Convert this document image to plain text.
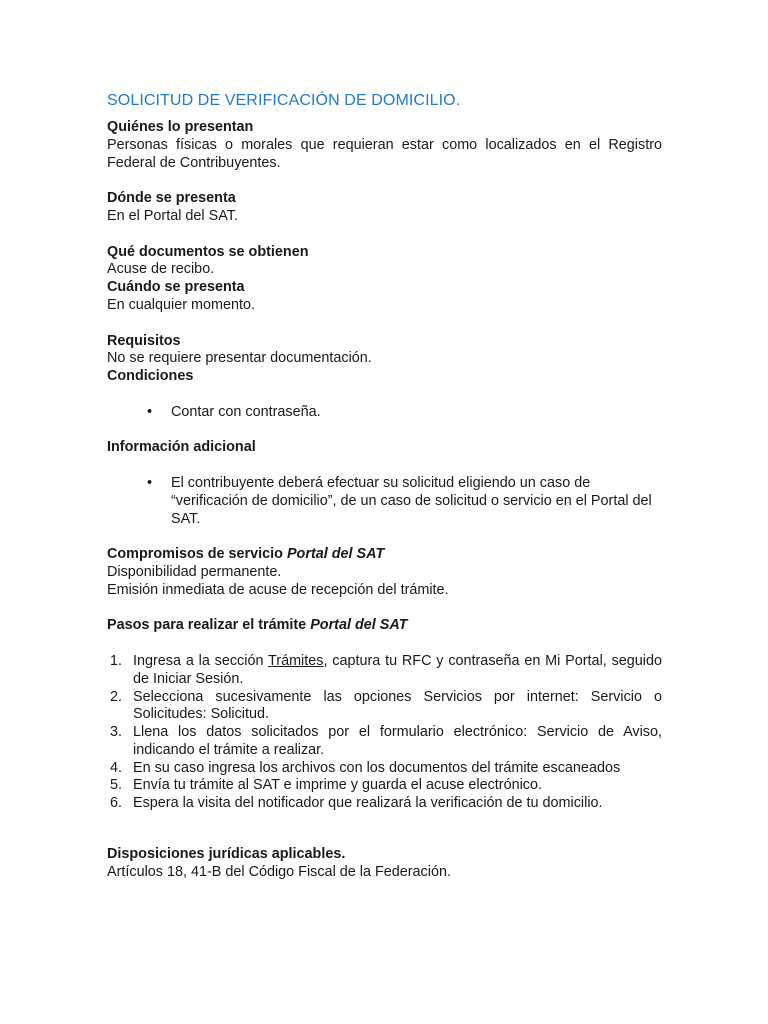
SOLICITUD DE VERIFICACIÓN DE DOMICILIO.
Quiénes lo presentan
Personas físicas o morales que requieran estar como localizados en el Registro Federal de Contribuyentes.
Dónde se presenta
En el Portal del SAT.
Qué documentos se obtienen
Acuse de recibo.
Cuándo se presenta
En cualquier momento.
Requisitos
No se requiere presentar documentación.
Condiciones
• Contar con contraseña.
Información adicional
• El contribuyente deberá efectuar su solicitud eligiendo un caso de “verificación de domicilio”, de un caso de solicitud o servicio en el Portal del SAT.
Compromisos de servicio Portal del SAT
Disponibilidad permanente.
Emisión inmediata de acuse de recepción del trámite.
Pasos para realizar el trámite Portal del SAT
1. Ingresa a la sección Trámites, captura tu RFC y contraseña en Mi Portal, seguido de Iniciar Sesión.
2. Selecciona sucesivamente las opciones Servicios por internet: Servicio o Solicitudes: Solicitud.
3. Llena los datos solicitados por el formulario electrónico: Servicio de Aviso, indicando el trámite a realizar.
4. En su caso ingresa los archivos con los documentos del trámite escaneados
5. Envía tu trámite al SAT e imprime y guarda el acuse electrónico.
6. Espera la visita del notificador que realizará la verificación de tu domicilio.
Disposiciones jurídicas aplicables.
Artículos 18, 41-B del Código Fiscal de la Federación.
